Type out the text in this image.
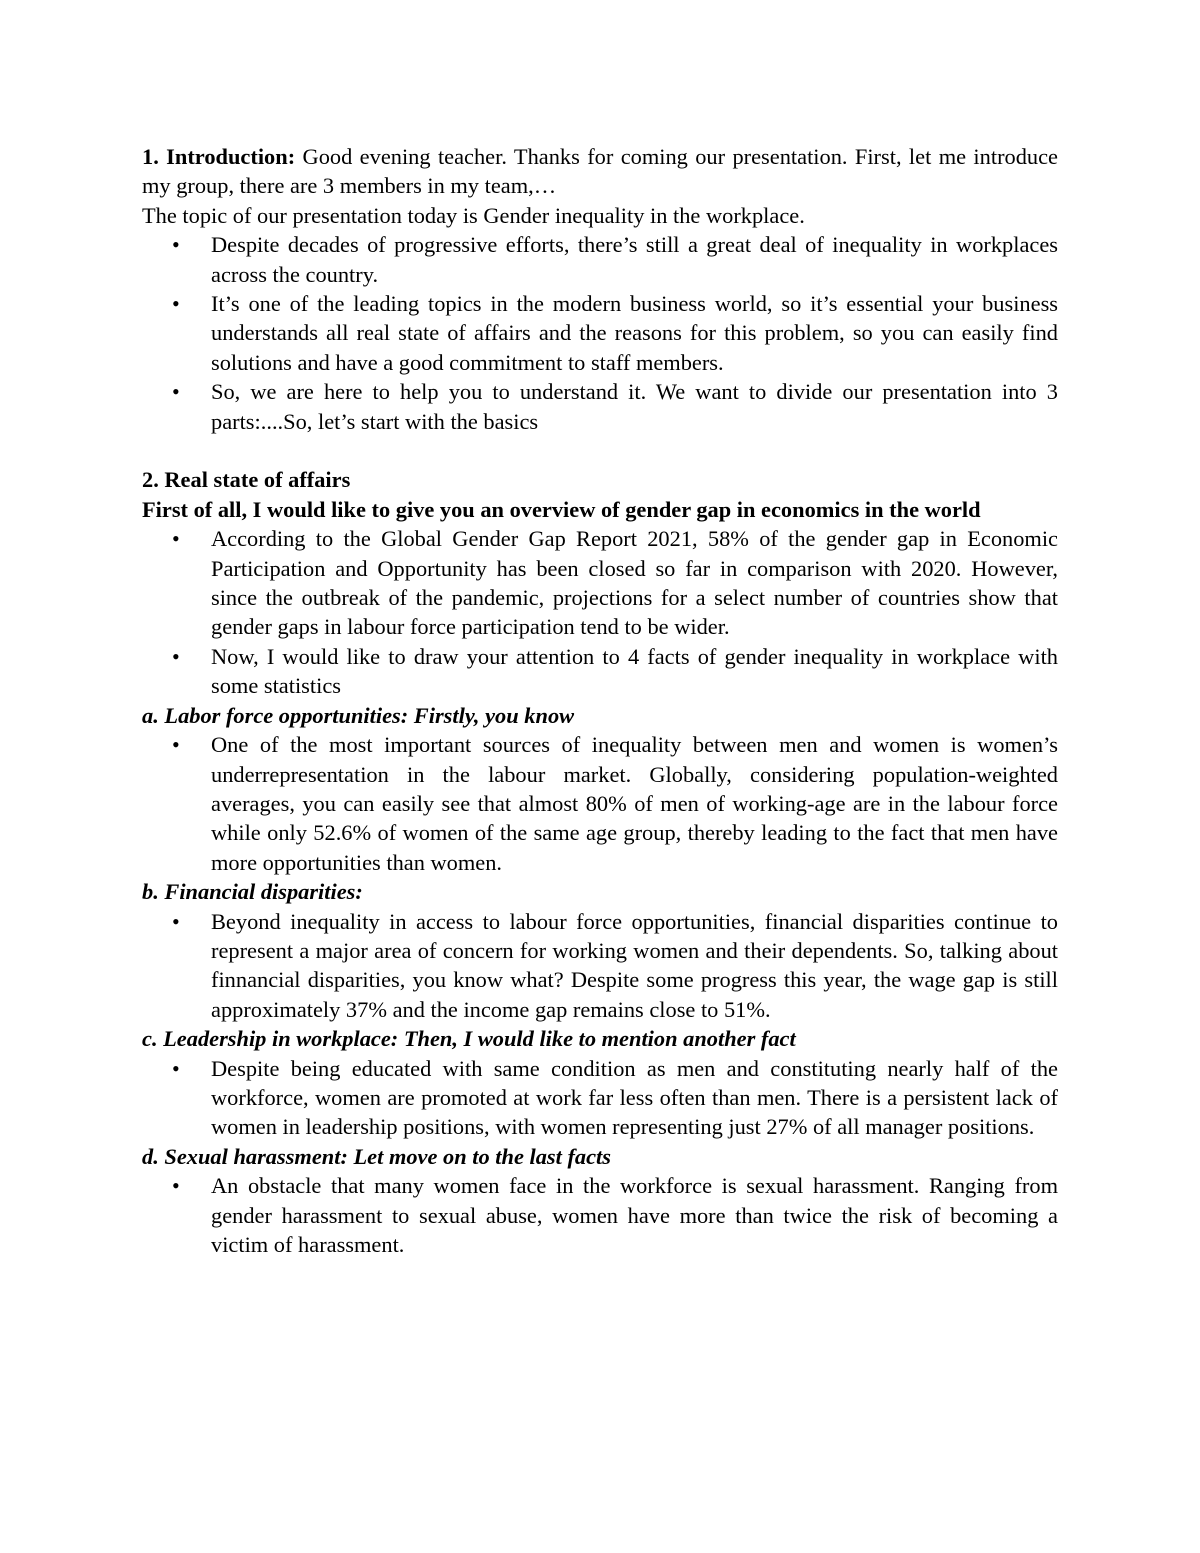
1. Introduction: Good evening teacher. Thanks for coming our presentation. First, let me introduce my group, there are 3 members in my team,…

The topic of our presentation today is Gender inequality in the workplace.

• Despite decades of progressive efforts, there’s still a great deal of inequality in workplaces across the country.
• It’s one of the leading topics in the modern business world, so it’s essential your business understands all real state of affairs and the reasons for this problem, so you can easily find solutions and have a good commitment to staff members.
• So, we are here to help you to understand it. We want to divide our presentation into 3 parts:....So, let’s start with the basics

2. Real state of affairs

First of all, I would like to give you an overview of gender gap in economics in the world

• According to the Global Gender Gap Report 2021, 58% of the gender gap in Economic Participation and Opportunity has been closed so far in comparison with 2020. However, since the outbreak of the pandemic, projections for a select number of countries show that gender gaps in labour force participation tend to be wider.
• Now, I would like to draw your attention to 4 facts of gender inequality in workplace with some statistics

a. Labor force opportunities: Firstly, you know

• One of the most important sources of inequality between men and women is women’s underrepresentation in the labour market. Globally, considering population-weighted averages, you can easily see that almost 80% of men of working-age are in the labour force while only 52.6% of women of the same age group, thereby leading to the fact that men have more opportunities than women.

b. Financial disparities:

• Beyond inequality in access to labour force opportunities, financial disparities continue to represent a major area of concern for working women and their dependents. So, talking about finnancial disparities, you know what? Despite some progress this year, the wage gap is still approximately 37% and the income gap remains close to 51%.

c. Leadership in workplace: Then, I would like to mention another fact

• Despite being educated with same condition as men and constituting nearly half of the workforce, women are promoted at work far less often than men. There is a persistent lack of women in leadership positions, with women representing just 27% of all manager positions.

d. Sexual harassment: Let move on to the last facts

• An obstacle that many women face in the workforce is sexual harassment. Ranging from gender harassment to sexual abuse, women have more than twice the risk of becoming a victim of harassment.
